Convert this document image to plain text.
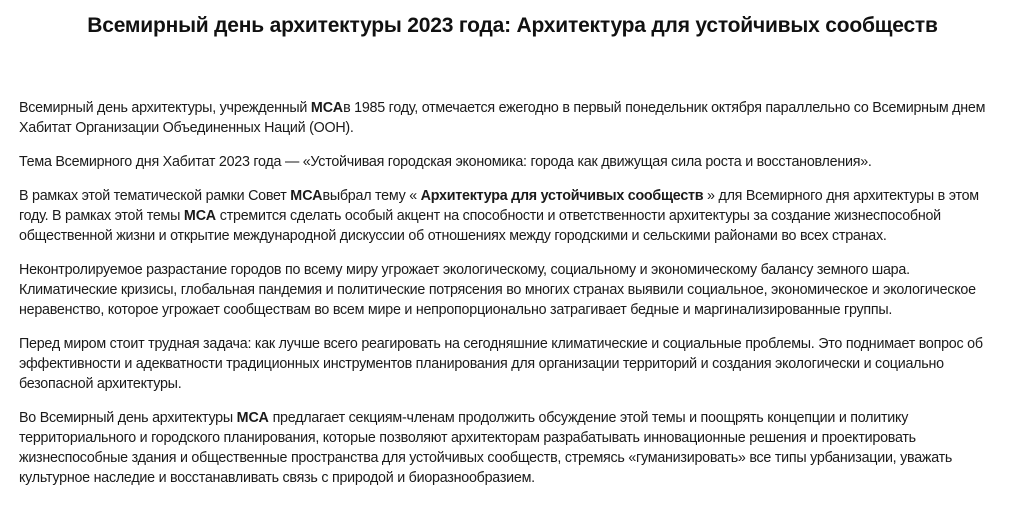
Всемирный день архитектуры 2023 года: Архитектура для устойчивых сообществ

Всемирный день архитектуры, учрежденный МСАв 1985 году, отмечается ежегодно в первый понедельник октября параллельно со Всемирным днем Хабитат Организации Объединенных Наций (ООН).

Тема Всемирного дня Хабитат 2023 года — «Устойчивая городская экономика: города как движущая сила роста и восстановления».

В рамках этой тематической рамки Совет МСАвыбрал тему « Архитектура для устойчивых сообществ » для Всемирного дня архитектуры в этом году. В рамках этой темы МСА стремится сделать особый акцент на способности и ответственности архитектуры за создание жизнеспособной общественной жизни и открытие международной дискуссии об отношениях между городскими и сельскими районами во всех странах.

Неконтролируемое разрастание городов по всему миру угрожает экологическому, социальному и экономическому балансу земного шара. Климатические кризисы, глобальная пандемия и политические потрясения во многих странах выявили социальное, экономическое и экологическое неравенство, которое угрожает сообществам во всем мире и непропорционально затрагивает бедные и маргинализированные группы.

Перед миром стоит трудная задача: как лучше всего реагировать на сегодняшние климатические и социальные проблемы. Это поднимает вопрос об эффективности и адекватности традиционных инструментов планирования для организации территорий и создания экологически и социально безопасной архитектуры.

Во Всемирный день архитектуры МСА предлагает секциям-членам продолжить обсуждение этой темы и поощрять концепции и политику территориального и городского планирования, которые позволяют архитекторам разрабатывать инновационные решения и проектировать жизнеспособные здания и общественные пространства для устойчивых сообществ, стремясь «гуманизировать» все типы урбанизации, уважать культурное наследие и восстанавливать связь с природой и биоразнообразием.
